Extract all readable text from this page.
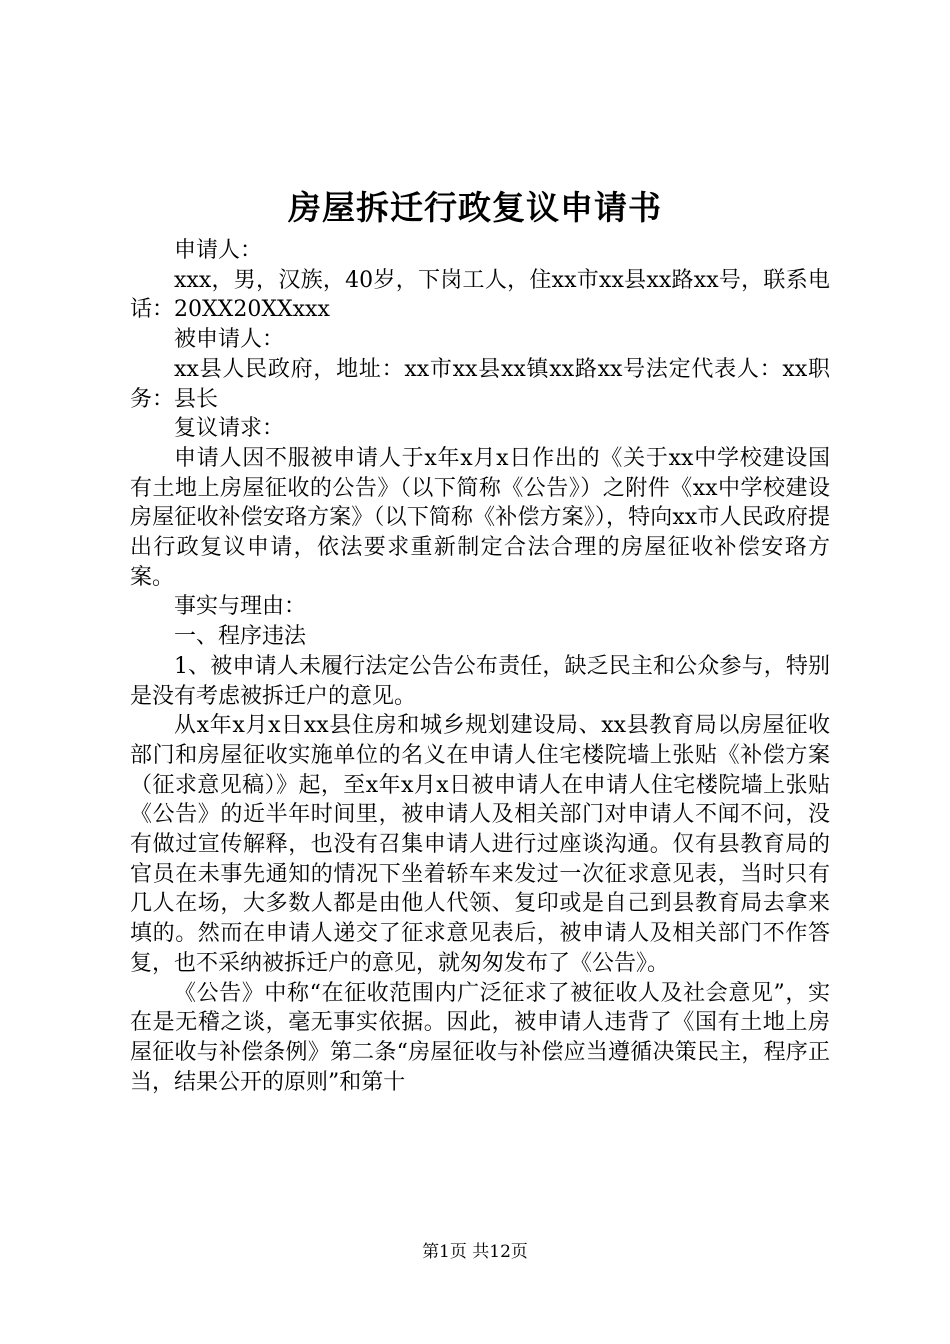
房屋拆迁行政复议申请书

申请人：

xxx，男，汉族，40岁，下岗工人，住xx市xx县xx路xx号，联系电话：20XX20XXxxx

被申请人：

xx县人民政府，地址：xx市xx县xx镇xx路xx号法定代表人：xx职务：县长

复议请求：

申请人因不服被申请人于x年x月x日作出的《关于xx中学校建设国有土地上房屋征收的公告》（以下简称《公告》）之附件《xx中学校建设房屋征收补偿安珞方案》（以下简称《补偿方案》），特向xx市人民政府提出行政复议申请，依法要求重新制定合法合理的房屋征收补偿安珞方案。

事实与理由：

一、程序违法

1、被申请人未履行法定公告公布责任，缺乏民主和公众参与，特别是没有考虑被拆迁户的意见。

从x年x月x日xx县住房和城乡规划建设局、xx县教育局以房屋征收部门和房屋征收实施单位的名义在申请人住宅楼院墙上张贴《补偿方案（征求意见稿）》起，至x年x月x日被申请人在申请人住宅楼院墙上张贴《公告》的近半年时间里，被申请人及相关部门对申请人不闻不问，没有做过宣传解释，也没有召集申请人进行过座谈沟通。仅有县教育局的官员在未事先通知的情况下坐着轿车来发过一次征求意见表，当时只有几人在场，大多数人都是由他人代领、复印或是自己到县教育局去拿来填的。然而在申请人递交了征求意见表后，被申请人及相关部门不作答复，也不采纳被拆迁户的意见，就匆匆发布了《公告》。

《公告》中称“在征收范围内广泛征求了被征收人及社会意见”，实在是无稽之谈，毫无事实依据。因此，被申请人违背了《国有土地上房屋征收与补偿条例》第二条“房屋征收与补偿应当遵循决策民主，程序正当，结果公开的原则”和第十

第1页 共12页
